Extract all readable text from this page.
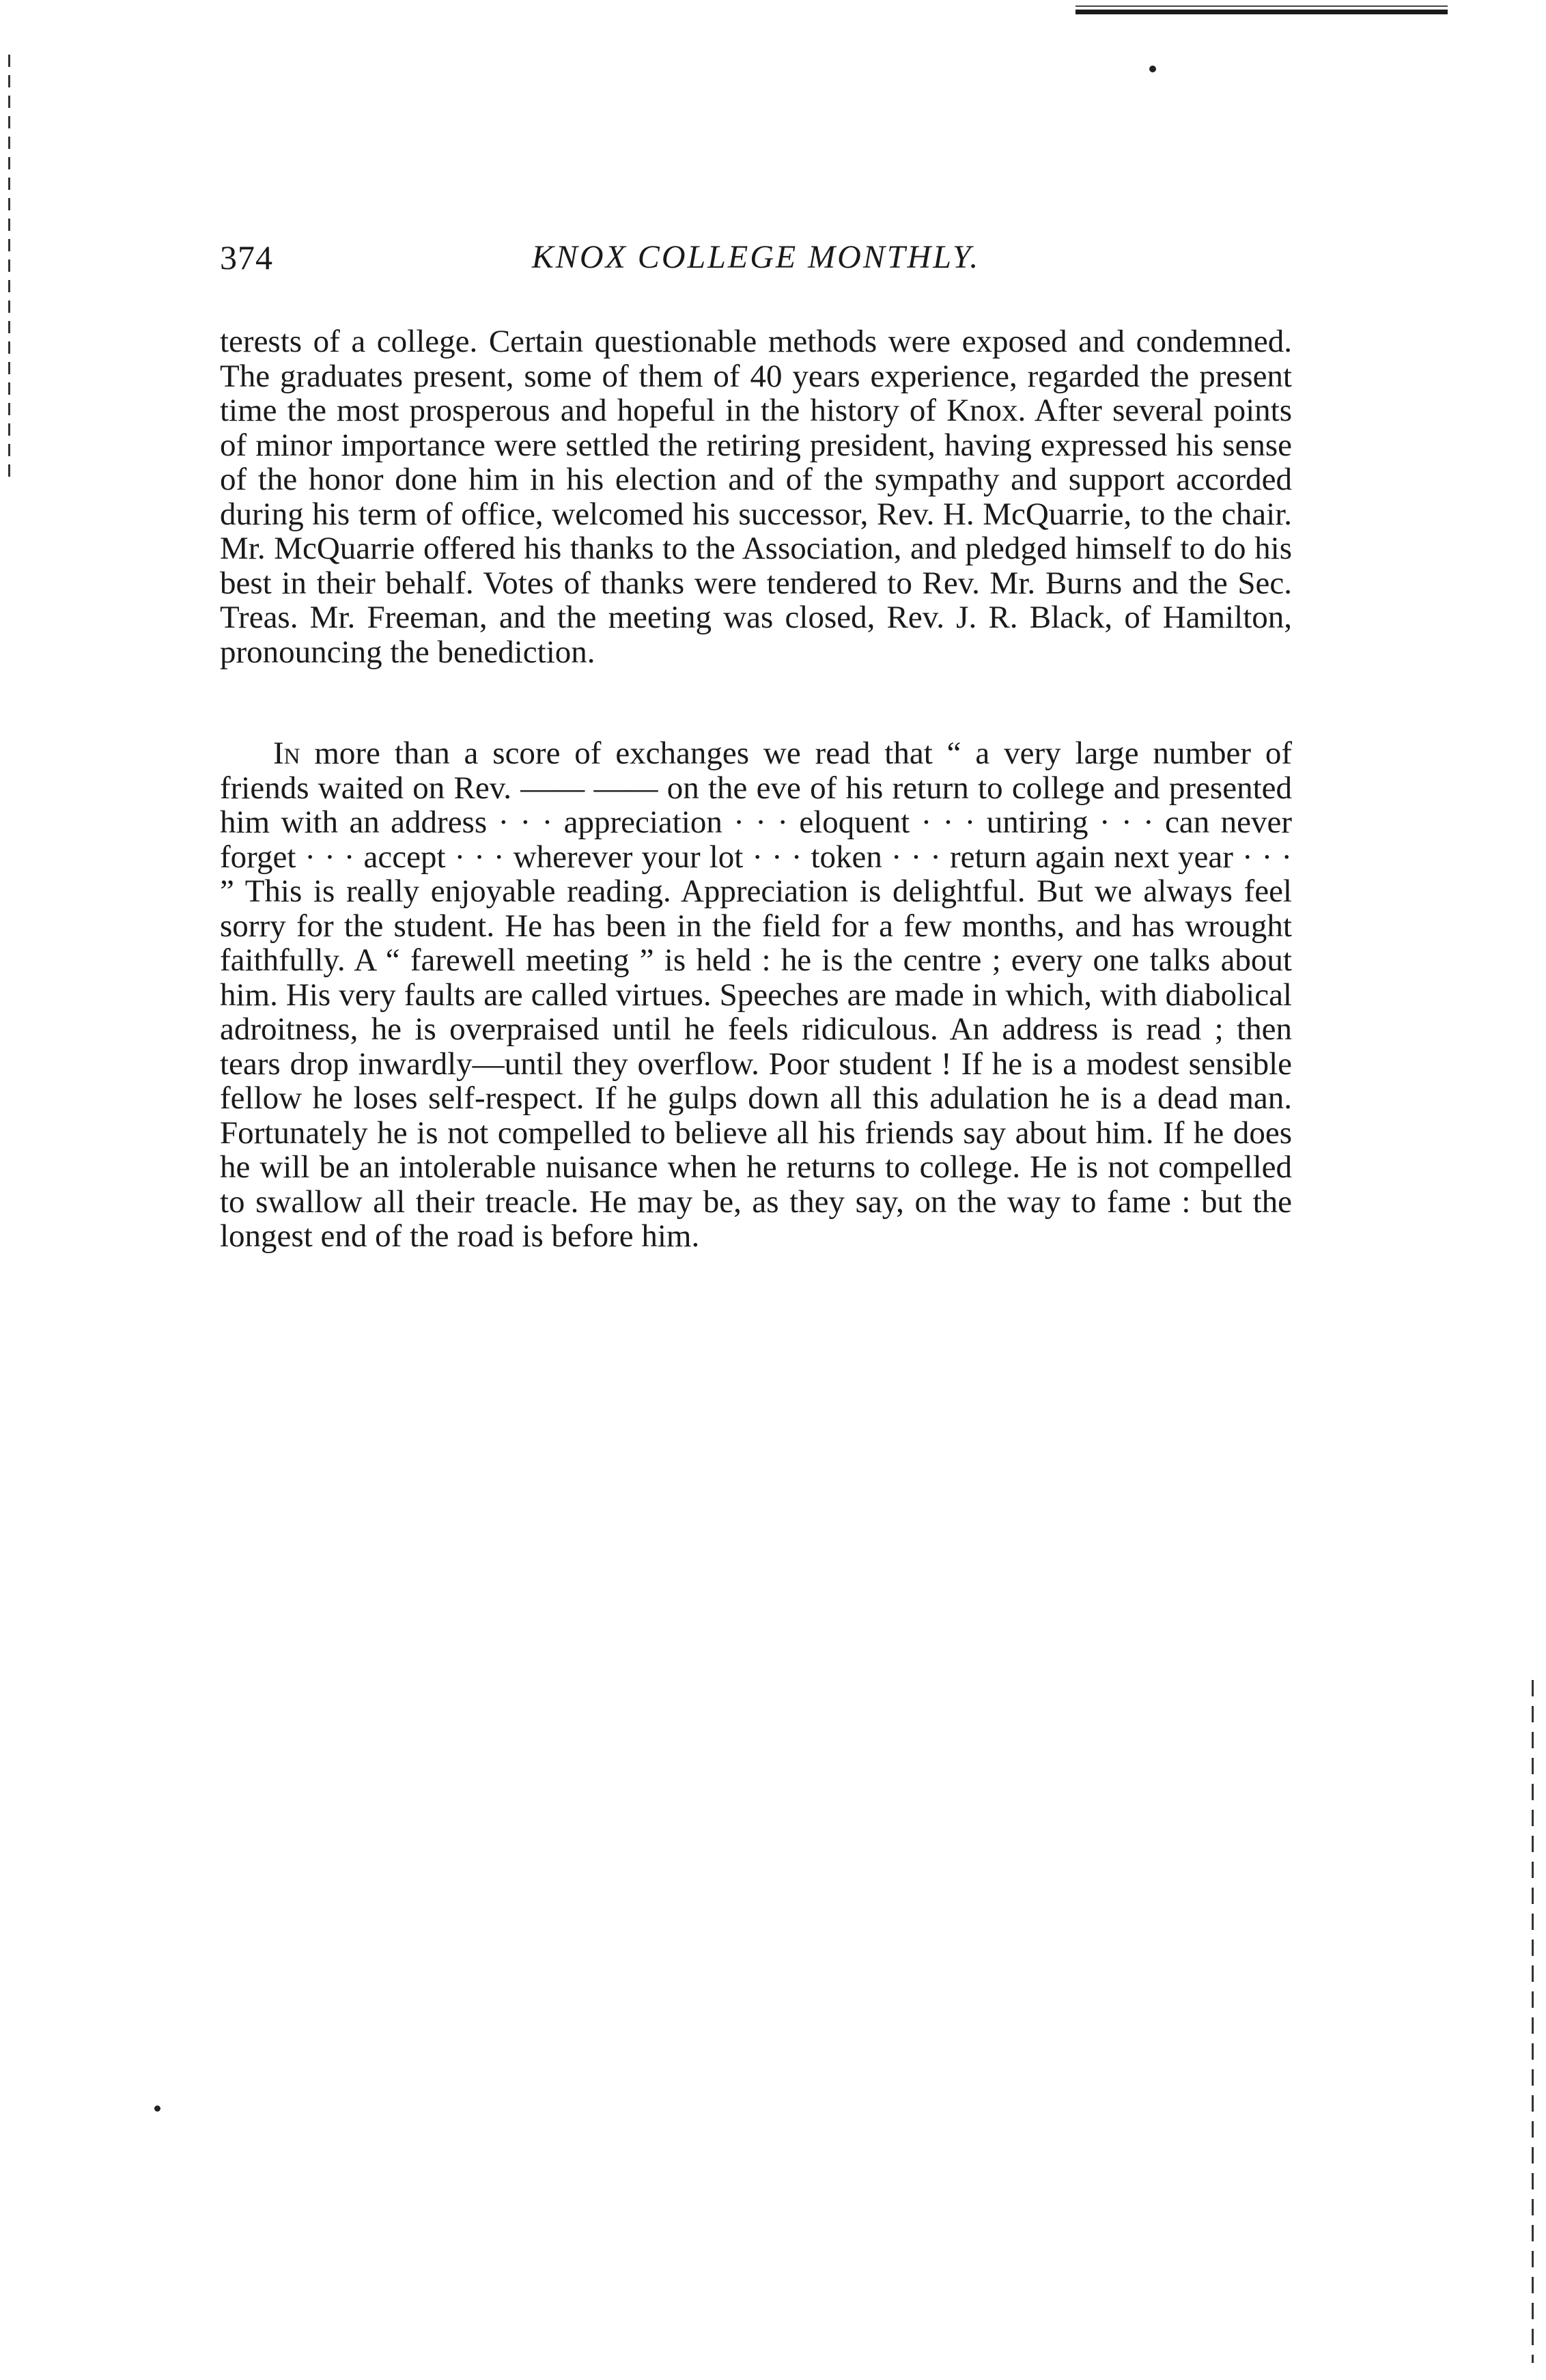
374	KNOX COLLEGE MONTHLY.

terests of a college. Certain questionable methods were exposed and condemned. The graduates present, some of them of 40 years experience, regarded the present time the most prosperous and hopeful in the history of Knox. After several points of minor importance were settled the retiring president, having expressed his sense of the honor done him in his election and of the sympathy and support accorded during his term of office, welcomed his successor, Rev. H. McQuarrie, to the chair. Mr. McQuarrie offered his thanks to the Association, and pledged himself to do his best in their behalf. Votes of thanks were tendered to Rev. Mr. Burns and the Sec. Treas. Mr. Freeman, and the meeting was closed, Rev. J. R. Black, of Hamilton, pronouncing the benediction.

In more than a score of exchanges we read that “ a very large number of friends waited on Rev. —— —— on the eve of his return to college and presented him with an address · · · appreciation · · · eloquent · · · untiring · · · can never forget · · · accept · · · wherever your lot · · · token · · · return again next year · · · ” This is really enjoyable reading. Appreciation is delightful. But we always feel sorry for the student. He has been in the field for a few months, and has wrought faithfully. A “ farewell meeting ” is held : he is the centre ; every one talks about him. His very faults are called virtues. Speeches are made in which, with diabolical adroitness, he is overpraised until he feels ridiculous. An address is read ; then tears drop inwardly—until they overflow. Poor student ! If he is a modest sensible fellow he loses self-respect. If he gulps down all this adulation he is a dead man. Fortunately he is not compelled to believe all his friends say about him. If he does he will be an intolerable nuisance when he returns to college. He is not compelled to swallow all their treacle. He may be, as they say, on the way to fame : but the longest end of the road is before him.
